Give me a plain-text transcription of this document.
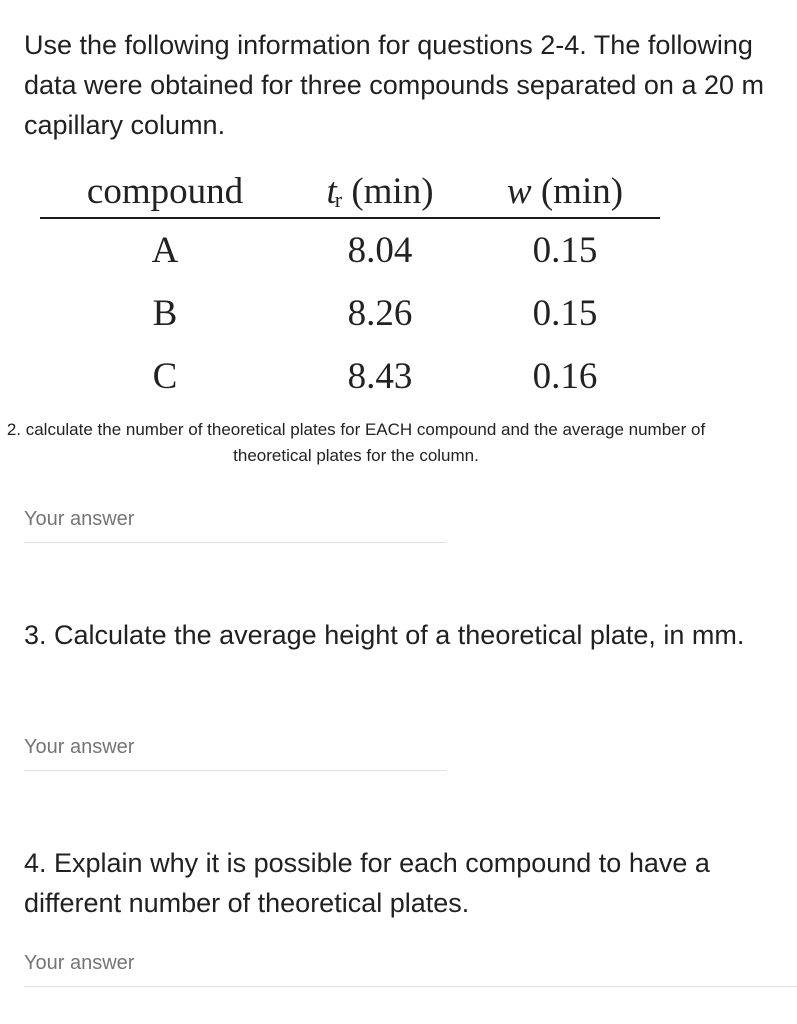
Use the following information for questions 2-4. The following data were obtained for three compounds separated on a 20 m capillary column.

compound	tr (min)	w (min)
A	8.04	0.15
B	8.26	0.15
C	8.43	0.16

2. calculate the number of theoretical plates for EACH compound and the average number of theoretical plates for the column.

Your answer

3. Calculate the average height of a theoretical plate, in mm.

Your answer

4. Explain why it is possible for each compound to have a different number of theoretical plates.

Your answer
